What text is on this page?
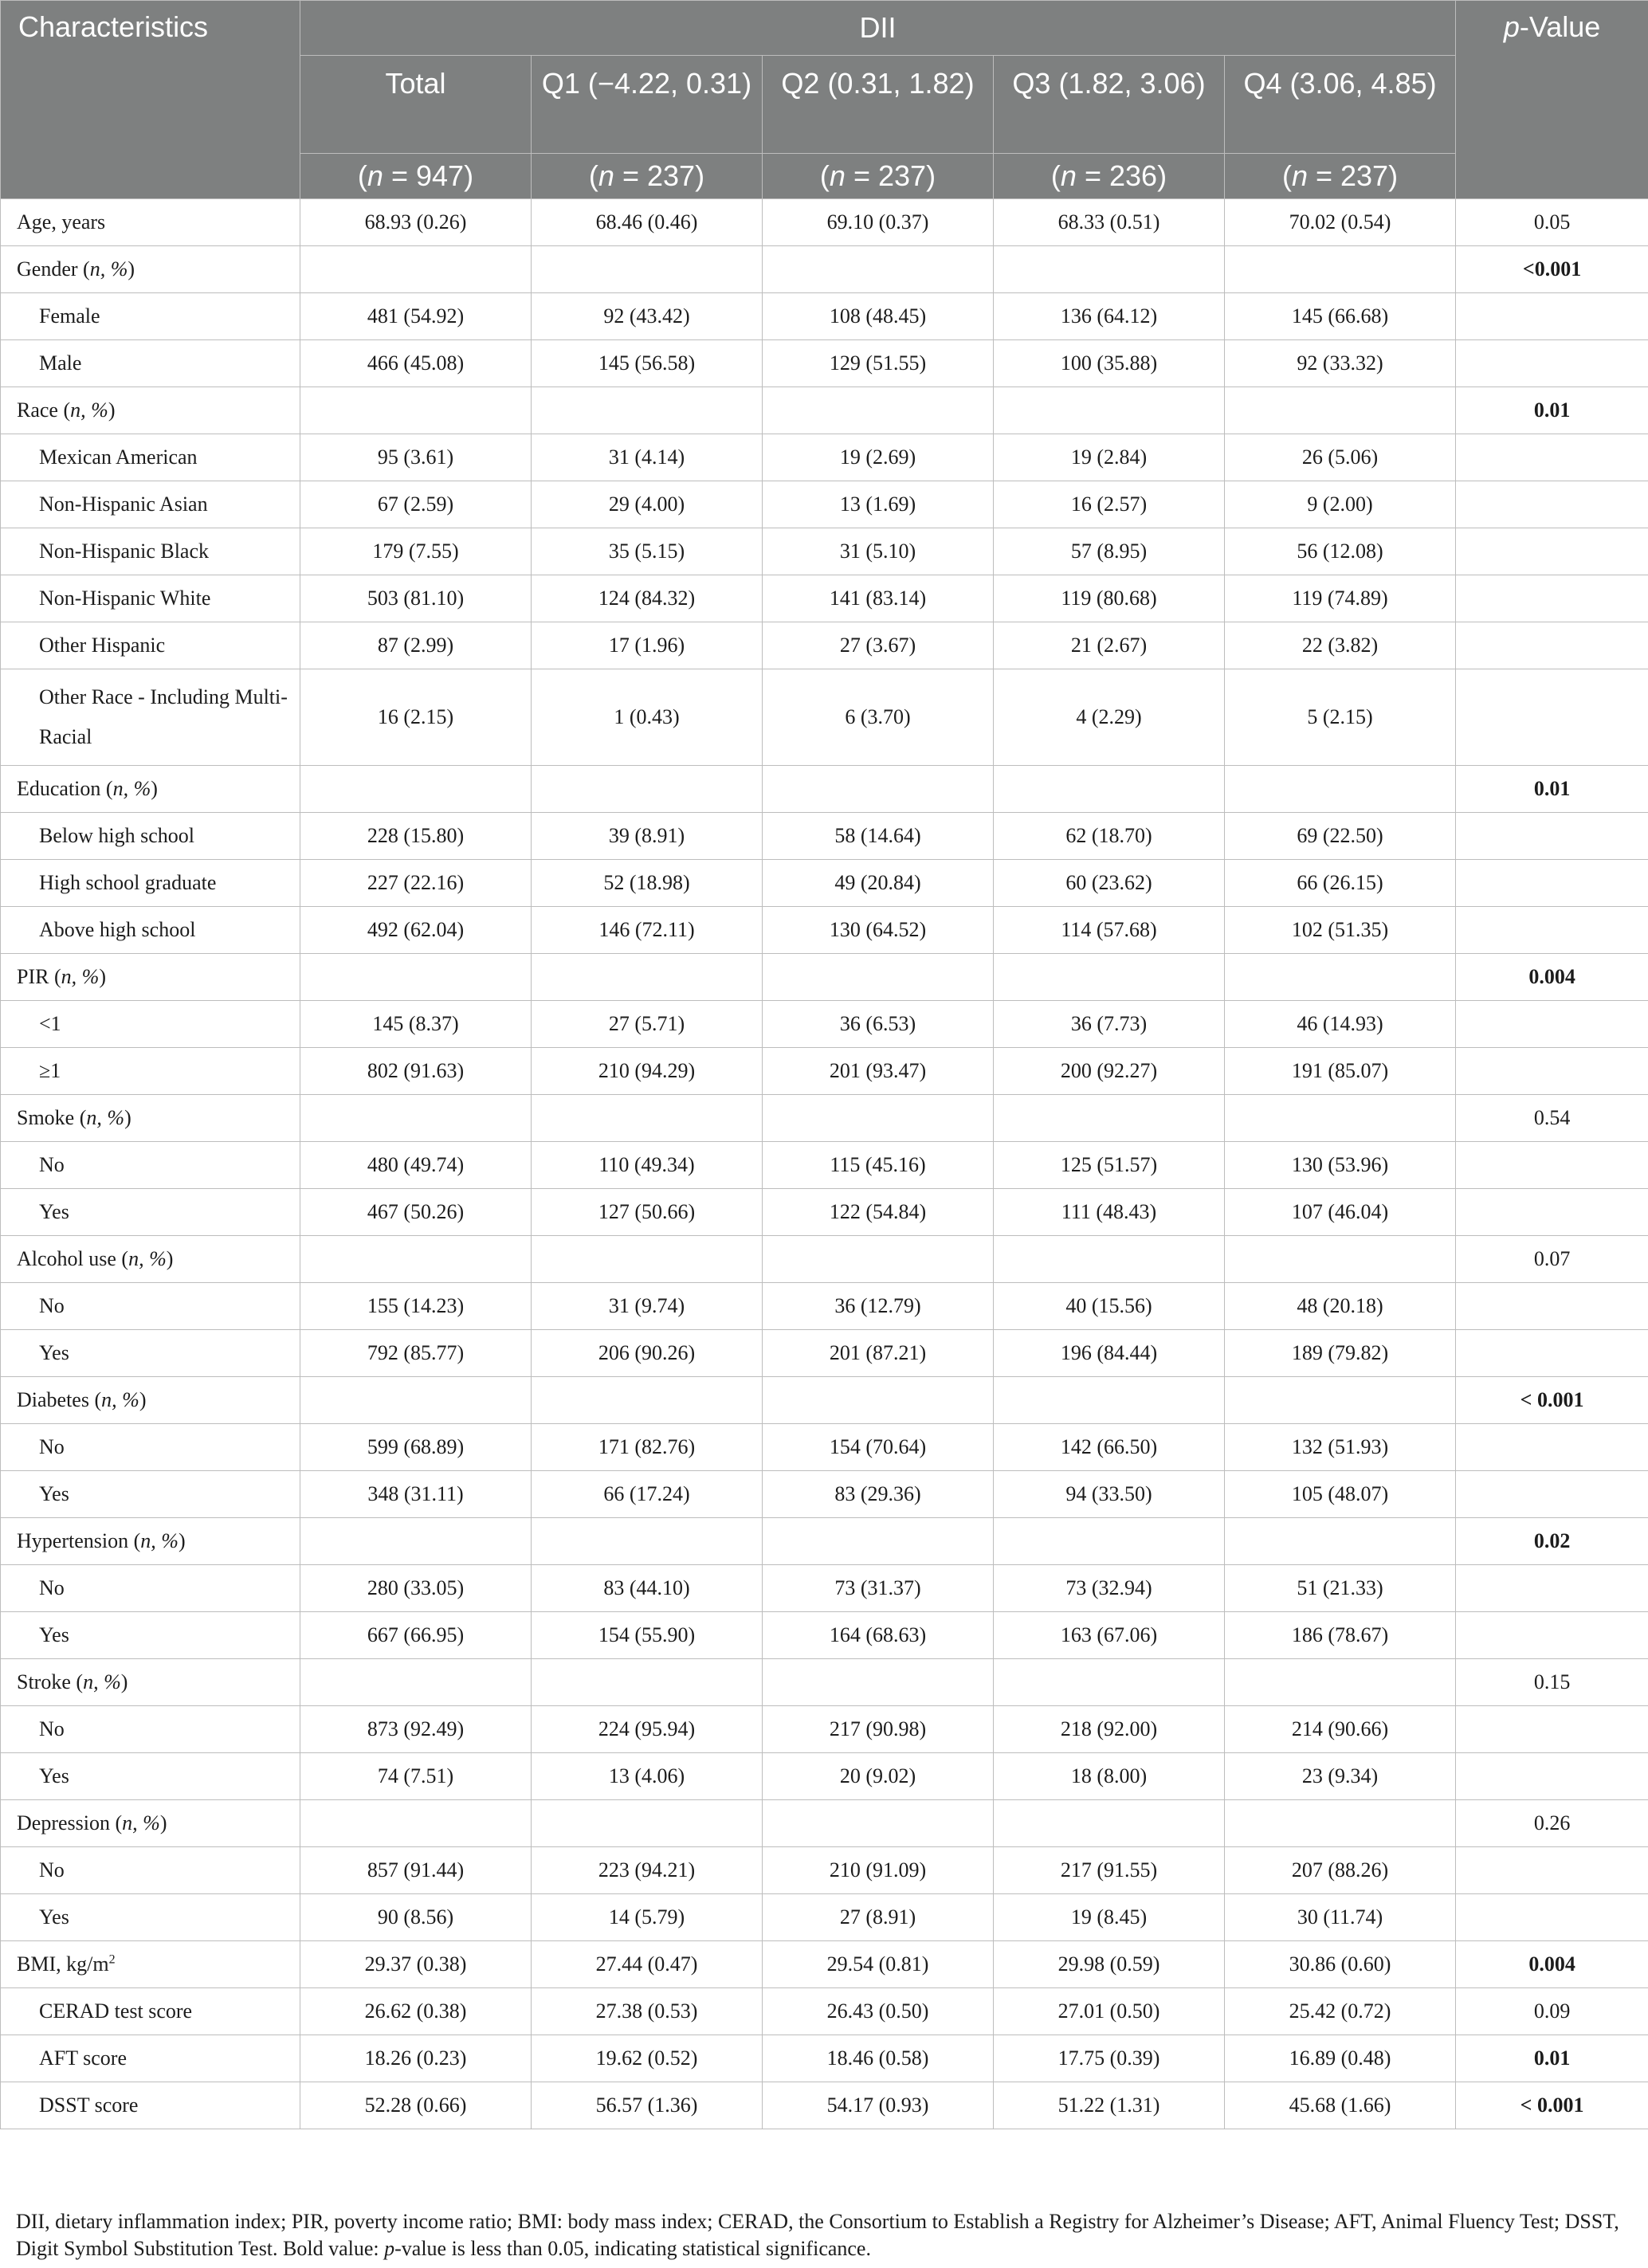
Characteristics	DII					p-Value
	Total	Q1 (−4.22, 0.31)	Q2 (0.31, 1.82)	Q3 (1.82, 3.06)	Q4 (3.06, 4.85)	
	(n = 947)	(n = 237)	(n = 237)	(n = 236)	(n = 237)	
Age, years	68.93 (0.26)	68.46 (0.46)	69.10 (0.37)	68.33 (0.51)	70.02 (0.54)	0.05
Gender (n, %)						<0.001
Female	481 (54.92)	92 (43.42)	108 (48.45)	136 (64.12)	145 (66.68)	
Male	466 (45.08)	145 (56.58)	129 (51.55)	100 (35.88)	92 (33.32)	
Race (n, %)						0.01
Mexican American	95 (3.61)	31 (4.14)	19 (2.69)	19 (2.84)	26 (5.06)	
Non-Hispanic Asian	67 (2.59)	29 (4.00)	13 (1.69)	16 (2.57)	9 (2.00)	
Non-Hispanic Black	179 (7.55)	35 (5.15)	31 (5.10)	57 (8.95)	56 (12.08)	
Non-Hispanic White	503 (81.10)	124 (84.32)	141 (83.14)	119 (80.68)	119 (74.89)	
Other Hispanic	87 (2.99)	17 (1.96)	27 (3.67)	21 (2.67)	22 (3.82)	
Other Race - Including Multi-Racial	16 (2.15)	1 (0.43)	6 (3.70)	4 (2.29)	5 (2.15)	
Education (n, %)						0.01
Below high school	228 (15.80)	39 (8.91)	58 (14.64)	62 (18.70)	69 (22.50)	
High school graduate	227 (22.16)	52 (18.98)	49 (20.84)	60 (23.62)	66 (26.15)	
Above high school	492 (62.04)	146 (72.11)	130 (64.52)	114 (57.68)	102 (51.35)	
PIR (n, %)						0.004
<1	145 (8.37)	27 (5.71)	36 (6.53)	36 (7.73)	46 (14.93)	
≥1	802 (91.63)	210 (94.29)	201 (93.47)	200 (92.27)	191 (85.07)	
Smoke (n, %)						0.54
No	480 (49.74)	110 (49.34)	115 (45.16)	125 (51.57)	130 (53.96)	
Yes	467 (50.26)	127 (50.66)	122 (54.84)	111 (48.43)	107 (46.04)	
Alcohol use (n, %)						0.07
No	155 (14.23)	31 (9.74)	36 (12.79)	40 (15.56)	48 (20.18)	
Yes	792 (85.77)	206 (90.26)	201 (87.21)	196 (84.44)	189 (79.82)	
Diabetes (n, %)						< 0.001
No	599 (68.89)	171 (82.76)	154 (70.64)	142 (66.50)	132 (51.93)	
Yes	348 (31.11)	66 (17.24)	83 (29.36)	94 (33.50)	105 (48.07)	
Hypertension (n, %)						0.02
No	280 (33.05)	83 (44.10)	73 (31.37)	73 (32.94)	51 (21.33)	
Yes	667 (66.95)	154 (55.90)	164 (68.63)	163 (67.06)	186 (78.67)	
Stroke (n, %)						0.15
No	873 (92.49)	224 (95.94)	217 (90.98)	218 (92.00)	214 (90.66)	
Yes	74 (7.51)	13 (4.06)	20 (9.02)	18 (8.00)	23 (9.34)	
Depression (n, %)						0.26
No	857 (91.44)	223 (94.21)	210 (91.09)	217 (91.55)	207 (88.26)	
Yes	90 (8.56)	14 (5.79)	27 (8.91)	19 (8.45)	30 (11.74)	
BMI, $kg/m^2$	29.37 (0.38)	27.44 (0.47)	29.54 (0.81)	29.98 (0.59)	30.86 (0.60)	0.004
CERAD test score	26.62 (0.38)	27.38 (0.53)	26.43 (0.50)	27.01 (0.50)	25.42 (0.72)	0.09
AFT score	18.26 (0.23)	19.62 (0.52)	18.46 (0.58)	17.75 (0.39)	16.89 (0.48)	0.01
DSST score	52.28 (0.66)	56.57 (1.36)	54.17 (0.93)	51.22 (1.31)	45.68 (1.66)	< 0.001
DII, dietary inflammation index; PIR, poverty income ratio; BMI: body mass index; CERAD, the Consortium to Establish a Registry for Alzheimer’s Disease; AFT, Animal Fluency Test; DSST, Digit Symbol Substitution Test. Bold value: p-value is less than 0.05, indicating statistical significance.
